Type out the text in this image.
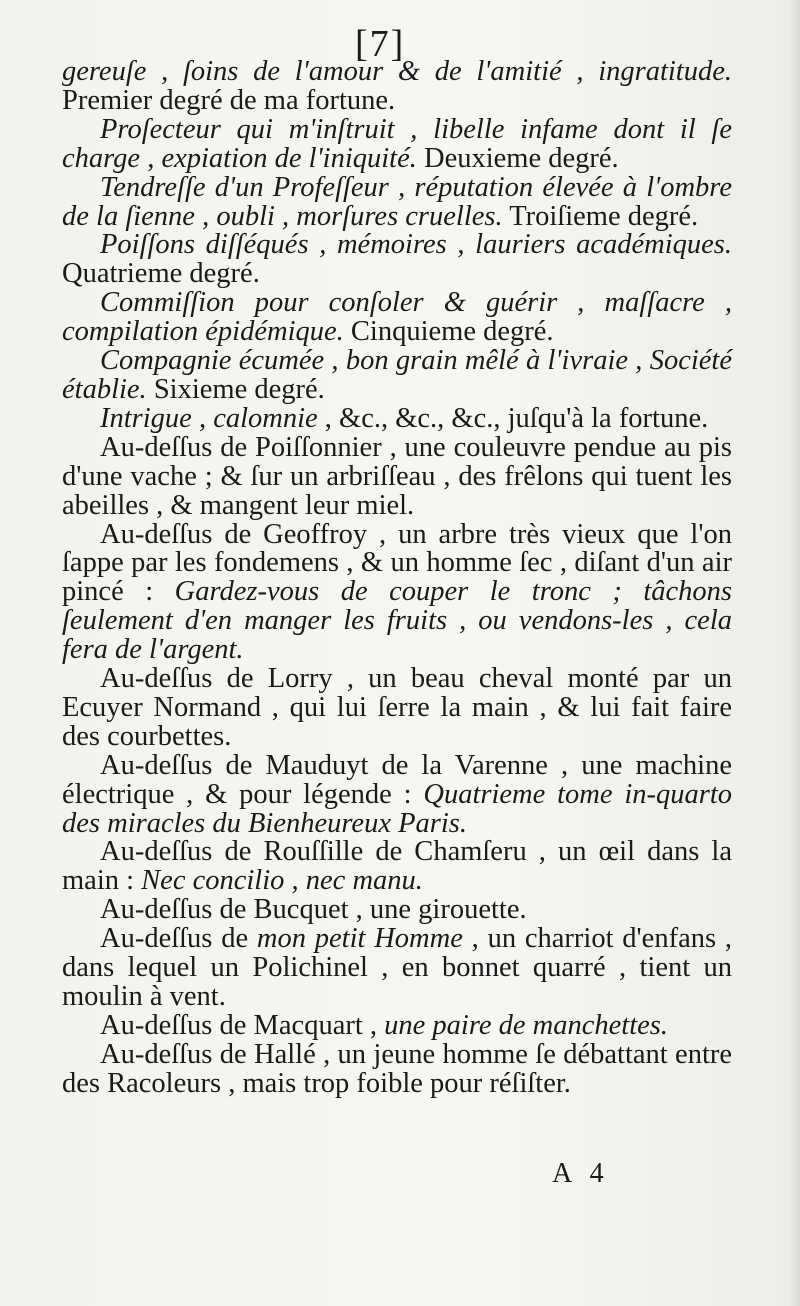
[7]

gereuſe , ſoins de l'amour & de l'amitié , ingratitude. Premier degré de ma fortune.

Proſecteur qui m'inſtruit , libelle infame dont il ſe charge , expiation de l'iniquité. Deuxieme degré.

Tendreſſe d'un Profeſſeur , réputation élevée à l'ombre de la ſienne , oubli , morſures cruelles. Troiſieme degré.

Poiſſons diſſéqués , mémoires , lauriers académiques. Quatrieme degré.

Commiſſion pour conſoler & guérir , maſſacre , compilation épidémique. Cinquieme degré.

Compagnie écumée , bon grain mêlé à l'ivraie , Société établie. Sixieme degré.

Intrigue , calomnie , &c., &c., &c., juſqu'à la fortune.

Au-deſſus de Poiſſonnier , une couleuvre pendue au pis d'une vache ; & ſur un arbriſſeau , des frêlons qui tuent les abeilles , & mangent leur miel.

Au-deſſus de Geoffroy , un arbre très vieux que l'on ſappe par les fondemens , & un homme ſec , diſant d'un air pincé : Gardez-vous de couper le tronc ; tâchons ſeulement d'en manger les fruits , ou vendons-les , cela fera de l'argent.

Au-deſſus de Lorry , un beau cheval monté par un Ecuyer Normand , qui lui ſerre la main , & lui fait faire des courbettes.

Au-deſſus de Mauduyt de la Varenne , une machine électrique , & pour légende : Quatrieme tome in-quarto des miracles du Bienheureux Paris.

Au-deſſus de Rouſſille de Chamſeru , un œil dans la main : Nec concilio , nec manu.

Au-deſſus de Bucquet , une girouette.

Au-deſſus de mon petit Homme , un charriot d'enfans , dans lequel un Polichinel , en bonnet quarré , tient un moulin à vent.

Au-deſſus de Macquart , une paire de manchettes.

Au-deſſus de Hallé , un jeune homme ſe débattant entre des Racoleurs , mais trop foible pour réſiſter.

A 4
